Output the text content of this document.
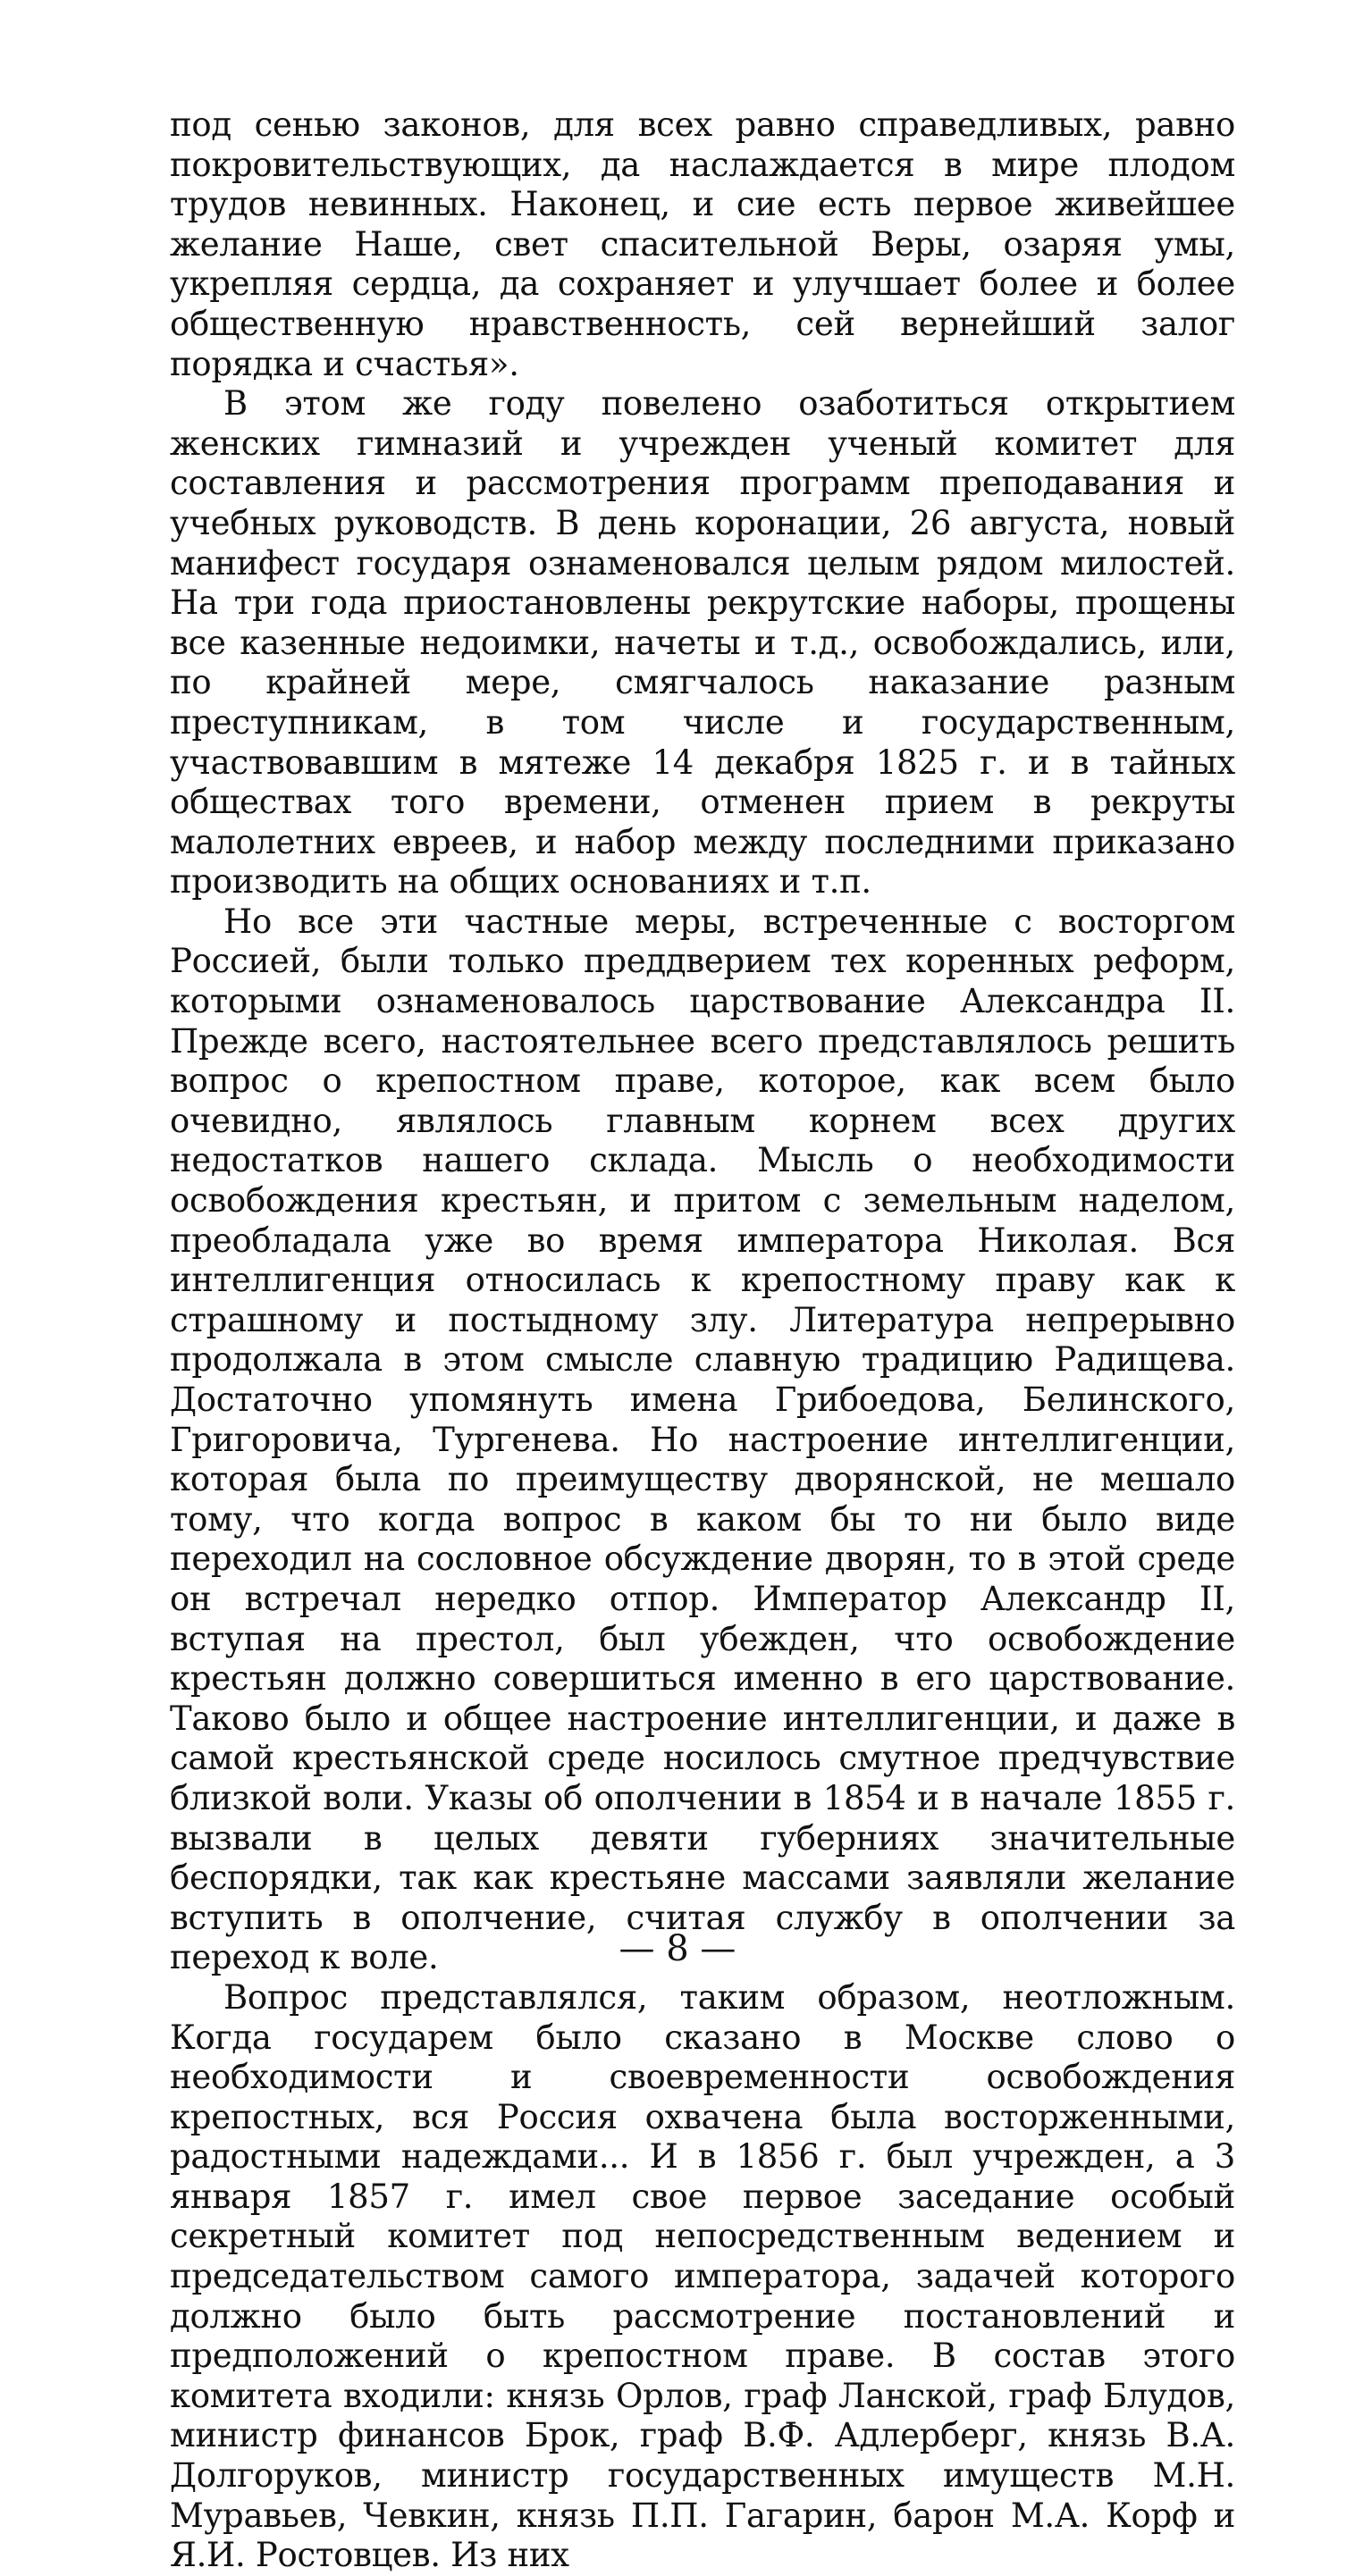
под сенью законов, для всех равно справедливых, равно покровительствующих, да наслаждается в мире плодом трудов невинных. Наконец, и сие есть первое живейшее желание Наше, свет спасительной Веры, озаряя умы, укрепляя сердца, да сохраняет и улучшает более и более общественную нравственность, сей вернейший залог порядка и счастья».

В этом же году повелено озаботиться открытием женских гимназий и учрежден ученый комитет для составления и рассмотрения программ преподавания и учебных руководств. В день коронации, 26 августа, новый манифест государя ознаменовался целым рядом милостей. На три года приостановлены рекрутские наборы, прощены все казенные недоимки, начеты и т.д., освобождались, или, по крайней мере, смягчалось наказание разным преступникам, в том числе и государственным, участвовавшим в мятеже 14 декабря 1825 г. и в тайных обществах того времени, отменен прием в рекруты малолетних евреев, и набор между последними приказано производить на общих основаниях и т.п.

Но все эти частные меры, встреченные с восторгом Россией, были только преддверием тех коренных реформ, которыми ознаменовалось царствование Александра II. Прежде всего, настоятельнее всего представлялось решить вопрос о крепостном праве, которое, как всем было очевидно, являлось главным корнем всех других недостатков нашего склада. Мысль о необходимости освобождения крестьян, и притом с земельным наделом, преобладала уже во время императора Николая. Вся интеллигенция относилась к крепостному праву как к страшному и постыдному злу. Литература непрерывно продолжала в этом смысле славную традицию Радищева. Достаточно упомянуть имена Грибоедова, Белинского, Григоровича, Тургенева. Но настроение интеллигенции, которая была по преимуществу дворянской, не мешало тому, что когда вопрос в каком бы то ни было виде переходил на сословное обсуждение дворян, то в этой среде он встречал нередко отпор. Император Александр II, вступая на престол, был убежден, что освобождение крестьян должно совершиться именно в его царствование. Таково было и общее настроение интеллигенции, и даже в самой крестьянской среде носилось смутное предчувствие близкой воли. Указы об ополчении в 1854 и в начале 1855 г. вызвали в целых девяти губерниях значительные беспорядки, так как крестьяне массами заявляли желание вступить в ополчение, считая службу в ополчении за переход к воле.

Вопрос представлялся, таким образом, неотложным. Когда государем было сказано в Москве слово о необходимости и своевременности освобождения крепостных, вся Россия охвачена была восторженными, радостными надеждами... И в 1856 г. был учрежден, а 3 января 1857 г. имел свое первое заседание особый секретный комитет под непосредственным ведением и председательством самого императора, задачей которого должно было быть рассмотрение постановлений и предположений о крепостном праве. В состав этого комитета входили: князь Орлов, граф Ланской, граф Блудов, министр финансов Брок, граф В.Ф. Адлерберг, князь В.А. Долгоруков, министр государственных имуществ М.Н. Муравьев, Чевкин, князь П.П. Гагарин, барон М.А. Корф и Я.И. Ростовцев. Из них

— 8 —
